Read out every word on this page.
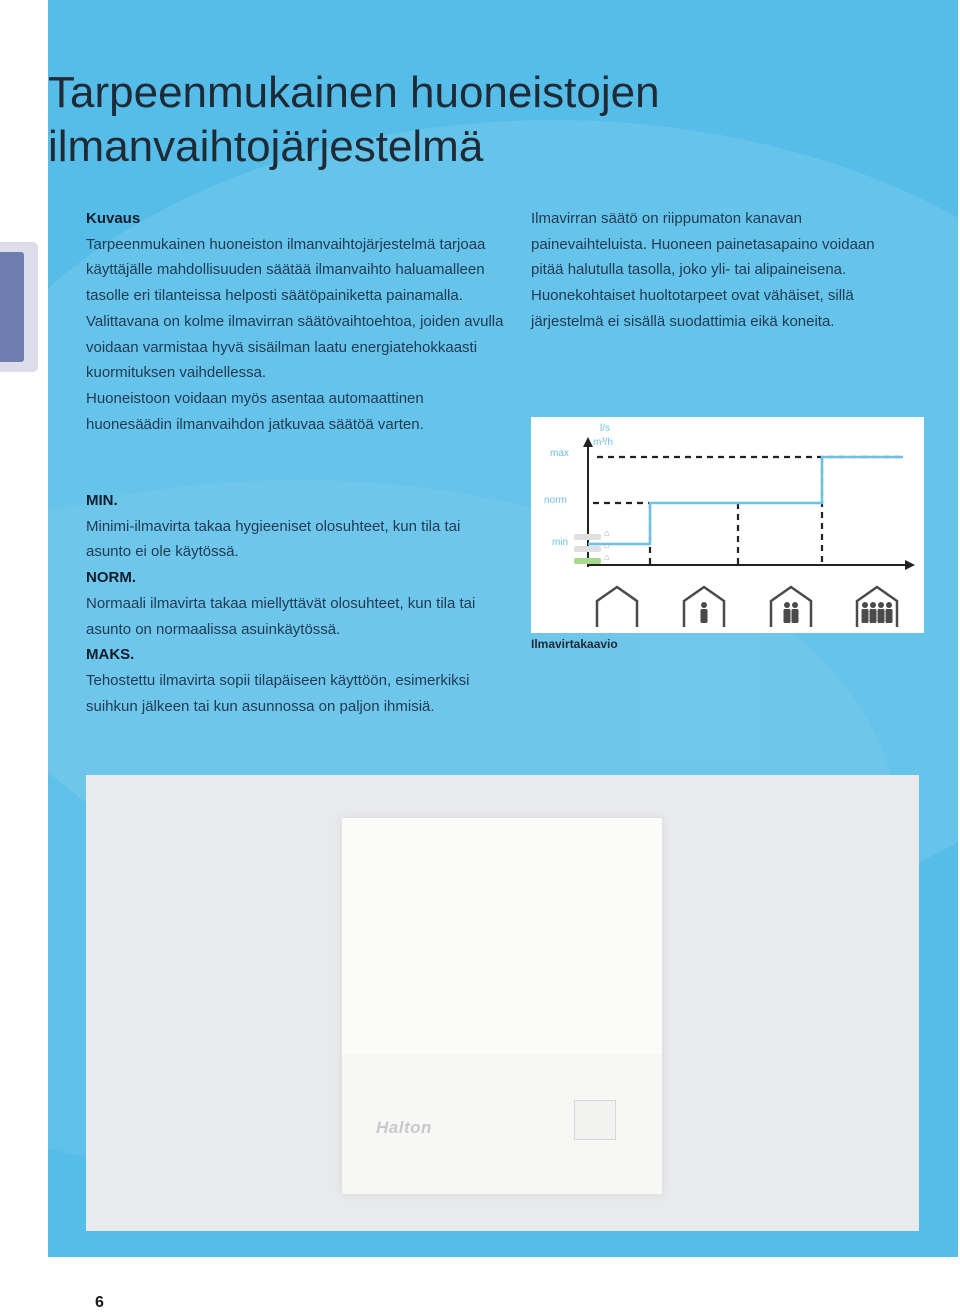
Tarpeenmukainen huoneistojen ilmanvaihtojärjestelmä

Kuvaus

Tarpeenmukainen huoneiston ilmanvaihtojärjestelmä tarjoaa käyttäjälle mahdollisuuden säätää ilmanvaihto haluamalleen tasolle eri tilanteissa helposti säätöpainiketta painamalla.

Valittavana on kolme ilmavirran säätövaihtoehtoa, joiden avulla voidaan varmistaa hyvä sisäilman laatu energiatehokkaasti kuormituksen vaihdellessa.

Huoneistoon voidaan myös asentaa automaattinen huonesäädin ilmanvaihdon jatkuvaa säätöä varten.

MIN.

Minimi-ilmavirta takaa hygieeniset olosuhteet, kun tila tai asunto ei ole käytössä.

NORM.

Normaali ilmavirta takaa miellyttävät olosuhteet, kun tila tai asunto on normaalissa asuinkäytössä.

MAKS.

Tehostettu ilmavirta sopii tilapäiseen käyttöön, esimerkiksi suihkun jälkeen tai kun asunnossa on paljon ihmisiä.

Ilmavirran säätö on riippumaton kanavan painevaihteluista. Huoneen painetasapaino voidaan pitää halutulla tasolla, joko yli- tai alipaineisena. Huonekohtaiset huoltotarpeet ovat vähäiset, sillä järjestelmä ei sisällä suodattimia eikä koneita.

l/s
m³/h
max
norm
min
Ilmavirtakaavio
⌂
⌂
⌂
Halton
6
